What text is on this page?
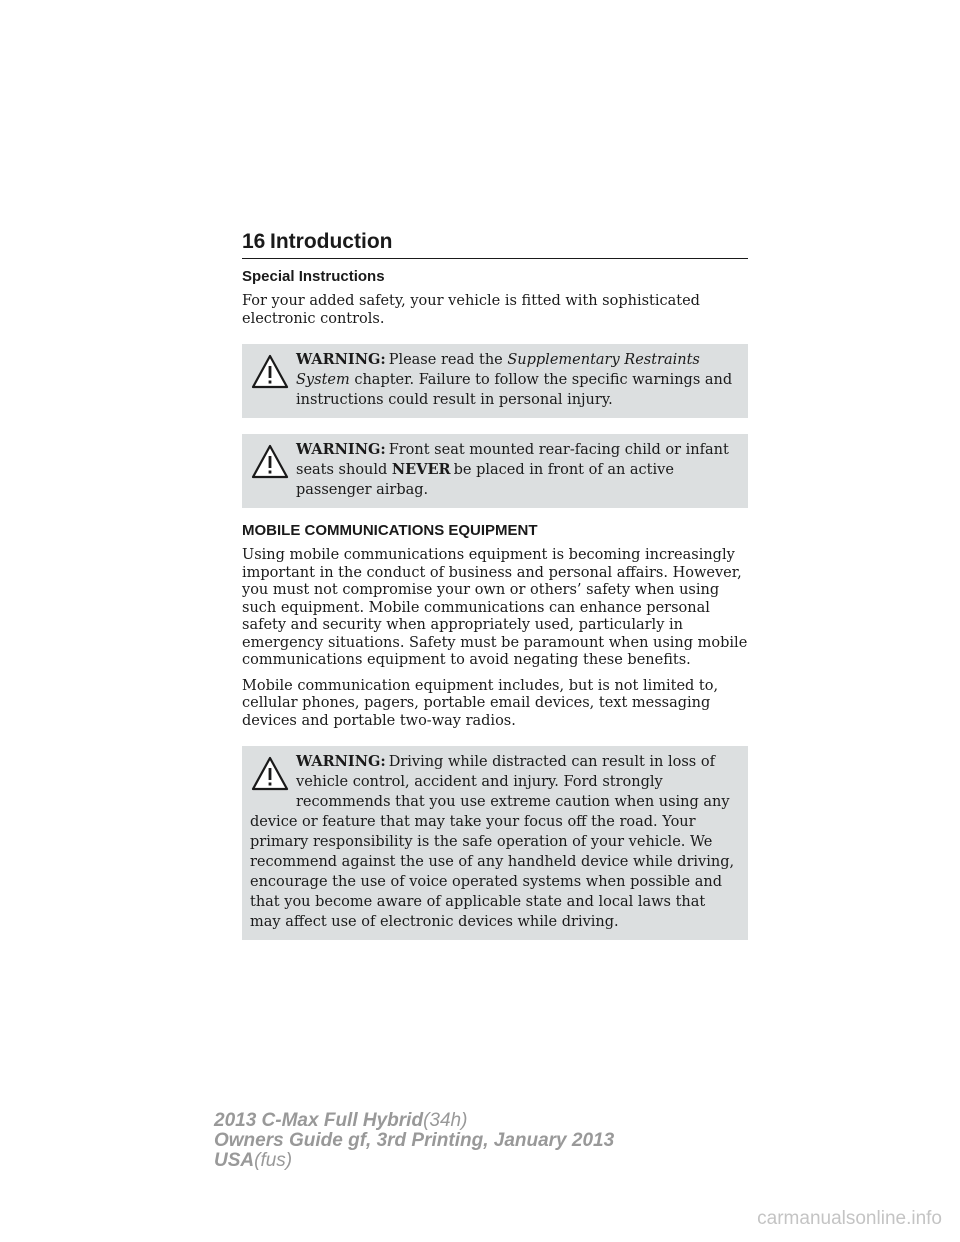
16 Introduction
Special Instructions

For your added safety, your vehicle is fitted with sophisticated electronic controls.

WARNING: Please read the Supplementary Restraints System chapter. Failure to follow the specific warnings and instructions could result in personal injury.
WARNING: Front seat mounted rear-facing child or infant seats should NEVER be placed in front of an active passenger airbag.
MOBILE COMMUNICATIONS EQUIPMENT

Using mobile communications equipment is becoming increasingly important in the conduct of business and personal affairs. However, you must not compromise your own or others’ safety when using such equipment. Mobile communications can enhance personal safety and security when appropriately used, particularly in emergency situations. Safety must be paramount when using mobile communications equipment to avoid negating these benefits.

Mobile communication equipment includes, but is not limited to, cellular phones, pagers, portable email devices, text messaging devices and portable two-way radios.

WARNING: Driving while distracted can result in loss of vehicle control, accident and injury. Ford strongly recommends that you use extreme caution when using any device or feature that may take your focus off the road. Your primary responsibility is the safe operation of your vehicle. We recommend against the use of any handheld device while driving, encourage the use of voice operated systems when possible and that you become aware of applicable state and local laws that may affect use of electronic devices while driving.
2013 C-Max Full Hybrid(34h)
Owners Guide gf, 3rd Printing, January 2013
USA(fus)
carmanualsonline.info
